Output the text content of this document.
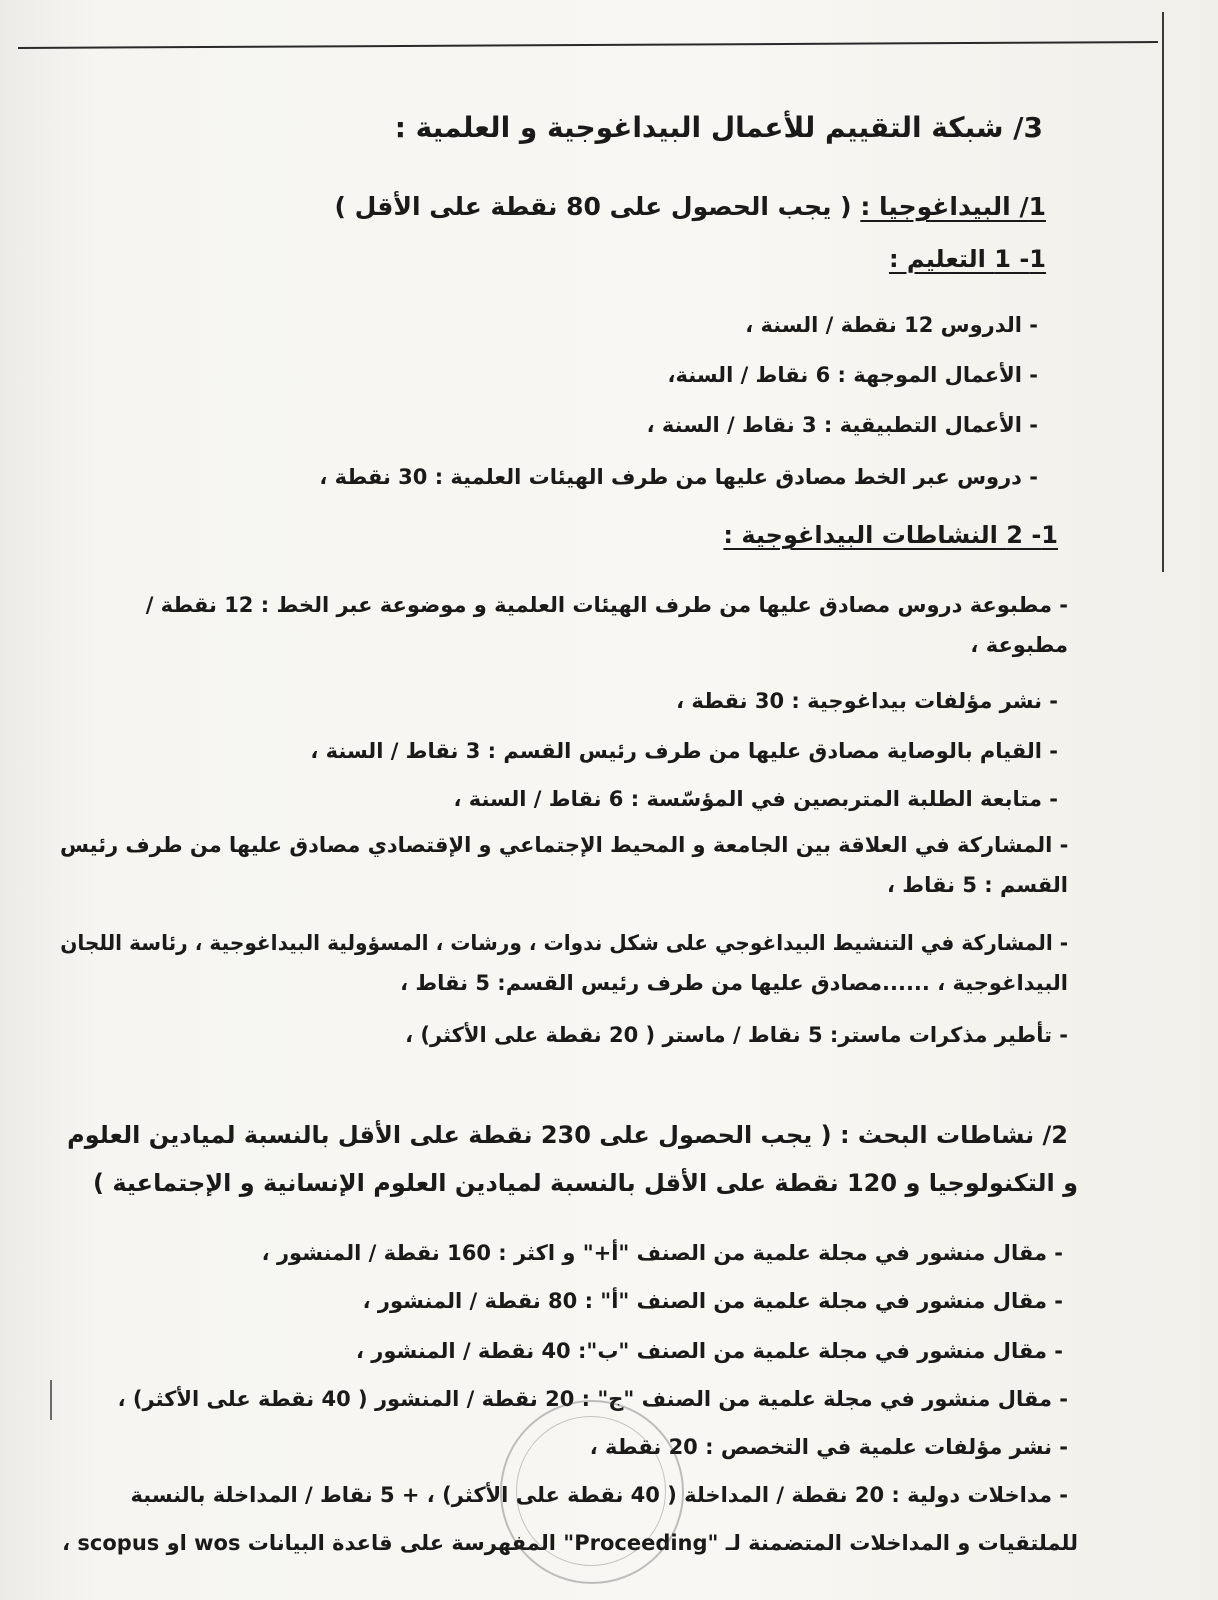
3/ شبكة التقييم للأعمال البيداغوجية و العلمية :
1/ البيداغوجيا : ( يجب الحصول على 80 نقطة على الأقل )
1- 1 التعليم :
- الدروس 12 نقطة / السنة ،
- الأعمال الموجهة : 6 نقاط / السنة،
- الأعمال التطبيقية : 3 نقاط / السنة ،
- دروس عبر الخط مصادق عليها من طرف الهيئات العلمية : 30 نقطة ،
1- 2 النشاطات البيداغوجية :
- مطبوعة دروس مصادق عليها من طرف الهيئات العلمية و موضوعة عبر الخط : 12 نقطة /
مطبوعة ،
- نشر مؤلفات بيداغوجية : 30 نقطة ،
- القيام بالوصاية مصادق عليها من طرف رئيس القسم : 3 نقاط / السنة ،
- متابعة الطلبة المتربصين في المؤسّسة : 6 نقاط / السنة ،
- المشاركة في العلاقة بين الجامعة و المحيط الإجتماعي و الإقتصادي مصادق عليها من طرف رئيس
القسم : 5 نقاط ،
- المشاركة في التنشيط البيداغوجي على شكل ندوات ، ورشات ، المسؤولية البيداغوجية ، رئاسة اللجان
البيداغوجية ، ......مصادق عليها من طرف رئيس القسم: 5 نقاط ،
- تأطير مذكرات ماستر: 5 نقاط / ماستر ( 20 نقطة على الأكثر) ،
2/ نشاطات البحث : ( يجب الحصول على 230 نقطة على الأقل بالنسبة لميادين العلوم
و التكنولوجيا و 120 نقطة على الأقل بالنسبة لميادين العلوم الإنسانية و الإجتماعية )
- مقال منشور في مجلة علمية من الصنف "أ+" و اكثر : 160 نقطة / المنشور ،
- مقال منشور في مجلة علمية من الصنف "أ" : 80 نقطة / المنشور ،
- مقال منشور في مجلة علمية من الصنف "ب": 40 نقطة / المنشور ،
- مقال منشور في مجلة علمية من الصنف "ج" : 20 نقطة / المنشور ( 40 نقطة على الأكثر) ،
- نشر مؤلفات علمية في التخصص : 20 نقطة ،
- مداخلات دولية : 20 نقطة / المداخلة ( 40 نقطة على الأكثر) ، + 5 نقاط / المداخلة بالنسبة
للملتقيات و المداخلات المتضمنة لـ "Proceeding" المفهرسة على قاعدة البيانات wos او scopus ،
